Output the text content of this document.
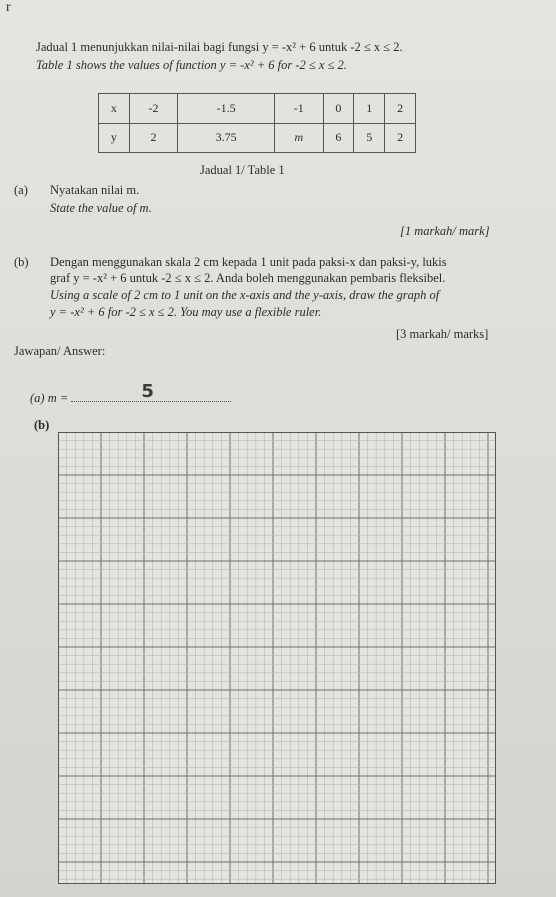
r
Jadual 1 menunjukkan nilai-nilai bagi fungsi y = -x² + 6 untuk -2 ≤ x ≤ 2.
Table 1 shows the values of function y = -x² + 6 for -2 ≤ x ≤ 2.
x	-2	-1.5	-1	0	1	2
y	2	3.75	m	6	5	2
Jadual 1/ Table 1
(a) Nyatakan nilai m.
State the value of m.
[1 markah/ mark]
(b) Dengan menggunakan skala 2 cm kepada 1 unit pada paksi-x dan paksi-y, lukis
graf y = -x² + 6 untuk -2 ≤ x ≤ 2. Anda boleh menggunakan pembaris fleksibel.
Using a scale of 2 cm to 1 unit on the x-axis and the y-axis, draw the graph of
y = -x² + 6 for -2 ≤ x ≤ 2. You may use a flexible ruler.
[3 markah/ marks]
Jawapan/ Answer:
(a) m =	5
(b)
